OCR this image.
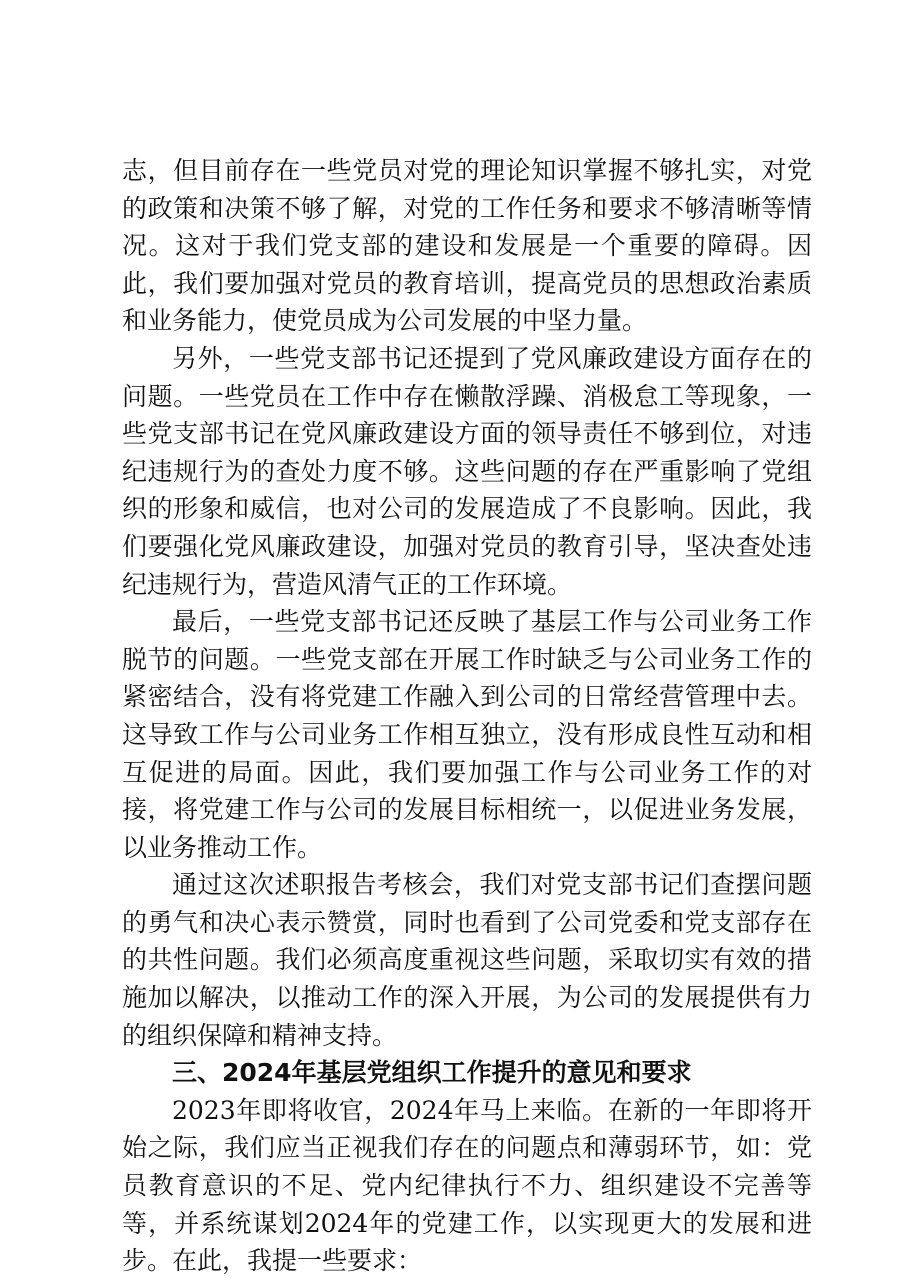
志，但目前存在一些党员对党的理论知识掌握不够扎实，对党的政策和决策不够了解，对党的工作任务和要求不够清晰等情况。这对于我们党支部的建设和发展是一个重要的障碍。因此，我们要加强对党员的教育培训，提高党员的思想政治素质和业务能力，使党员成为公司发展的中坚力量。

另外，一些党支部书记还提到了党风廉政建设方面存在的问题。一些党员在工作中存在懒散浮躁、消极怠工等现象，一些党支部书记在党风廉政建设方面的领导责任不够到位，对违纪违规行为的查处力度不够。这些问题的存在严重影响了党组织的形象和威信，也对公司的发展造成了不良影响。因此，我们要强化党风廉政建设，加强对党员的教育引导，坚决查处违纪违规行为，营造风清气正的工作环境。

最后，一些党支部书记还反映了基层工作与公司业务工作脱节的问题。一些党支部在开展工作时缺乏与公司业务工作的紧密结合，没有将党建工作融入到公司的日常经营管理中去。这导致工作与公司业务工作相互独立，没有形成良性互动和相互促进的局面。因此，我们要加强工作与公司业务工作的对接，将党建工作与公司的发展目标相统一，以促进业务发展，以业务推动工作。

通过这次述职报告考核会，我们对党支部书记们查摆问题的勇气和决心表示赞赏，同时也看到了公司党委和党支部存在的共性问题。我们必须高度重视这些问题，采取切实有效的措施加以解决，以推动工作的深入开展，为公司的发展提供有力的组织保障和精神支持。

三、2024年基层党组织工作提升的意见和要求

2023年即将收官，2024年马上来临。在新的一年即将开始之际，我们应当正视我们存在的问题点和薄弱环节，如：党员教育意识的不足、党内纪律执行不力、组织建设不完善等等，并系统谋划2024年的党建工作，以实现更大的发展和进步。在此，我提一些要求：
